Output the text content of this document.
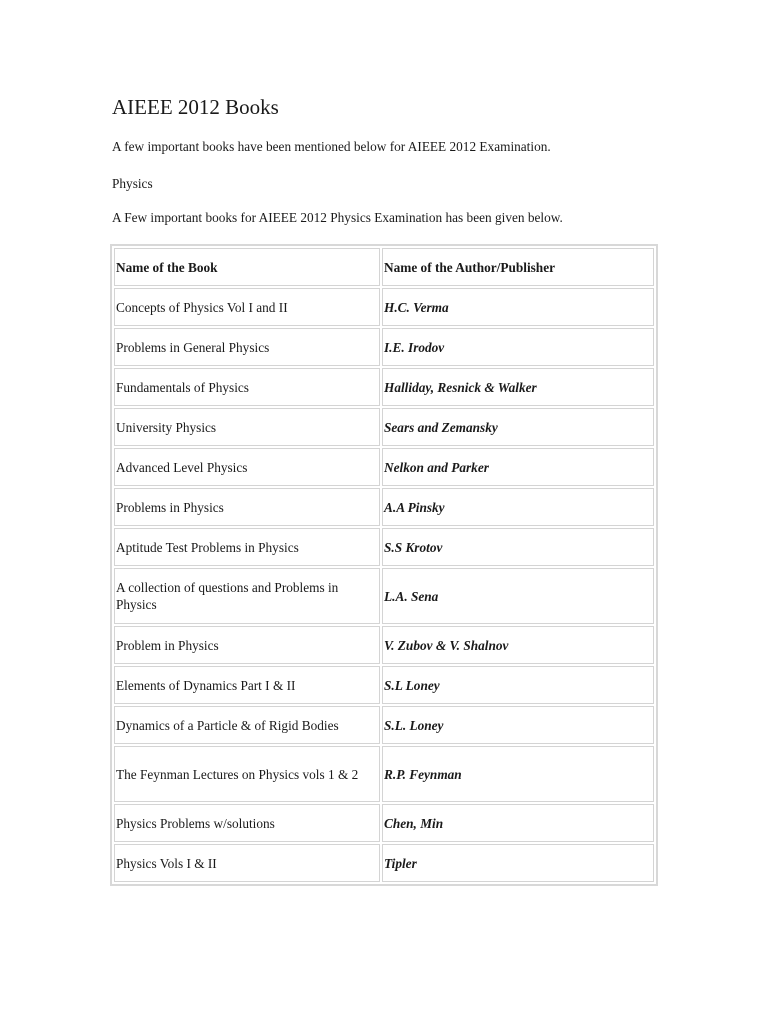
AIEEE 2012 Books

A few important books have been mentioned below for AIEEE 2012 Examination.

Physics

A Few important books for AIEEE 2012 Physics Examination has been given below.

Name of the Book	Name of the Author/Publisher
Concepts of Physics Vol I and II	H.C. Verma
Problems in General Physics	I.E. Irodov
Fundamentals of Physics	Halliday, Resnick & Walker
University Physics	Sears and Zemansky
Advanced Level Physics	Nelkon and Parker
Problems in Physics	A.A Pinsky
Aptitude Test Problems in Physics	S.S Krotov
A collection of questions and Problems in Physics	L.A. Sena
Problem in Physics	V. Zubov & V. Shalnov
Elements of Dynamics Part I & II	S.L Loney
Dynamics of a Particle & of Rigid Bodies	S.L. Loney
The Feynman Lectures on Physics vols 1 & 2	R.P. Feynman
Physics Problems w/solutions	Chen, Min
Physics Vols I & II	Tipler
